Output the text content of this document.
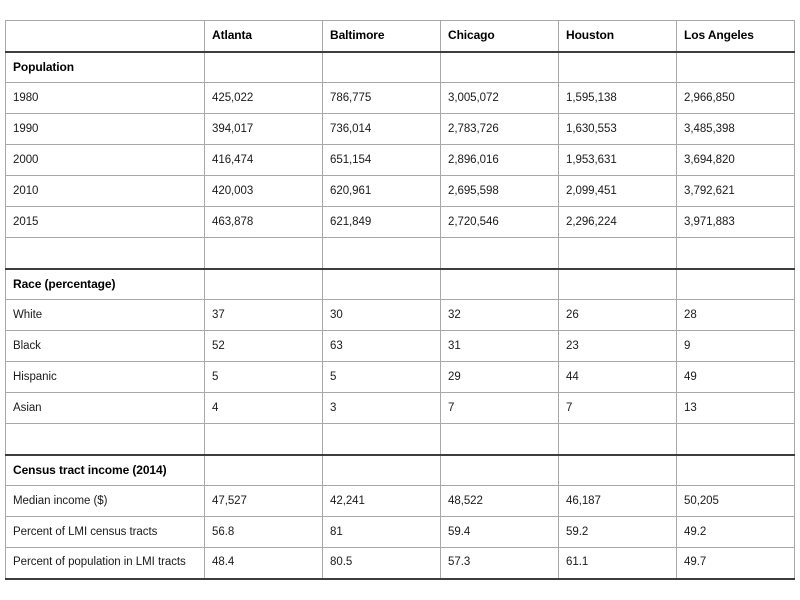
	Atlanta	Baltimore	Chicago	Houston	Los Angeles
Population					
1980	425,022	786,775	3,005,072	1,595,138	2,966,850
1990	394,017	736,014	2,783,726	1,630,553	3,485,398
2000	416,474	651,154	2,896,016	1,953,631	3,694,820
2010	420,003	620,961	2,695,598	2,099,451	3,792,621
2015	463,878	621,849	2,720,546	2,296,224	3,971,883

Race (percentage)					
White	37	30	32	26	28
Black	52	63	31	23	9
Hispanic	5	5	29	44	49
Asian	4	3	7	7	13

Census tract income (2014)					
Median income ($)	47,527	42,241	48,522	46,187	50,205
Percent of LMI census tracts	56.8	81	59.4	59.2	49.2
Percent of population in LMI tracts	48.4	80.5	57.3	61.1	49.7
